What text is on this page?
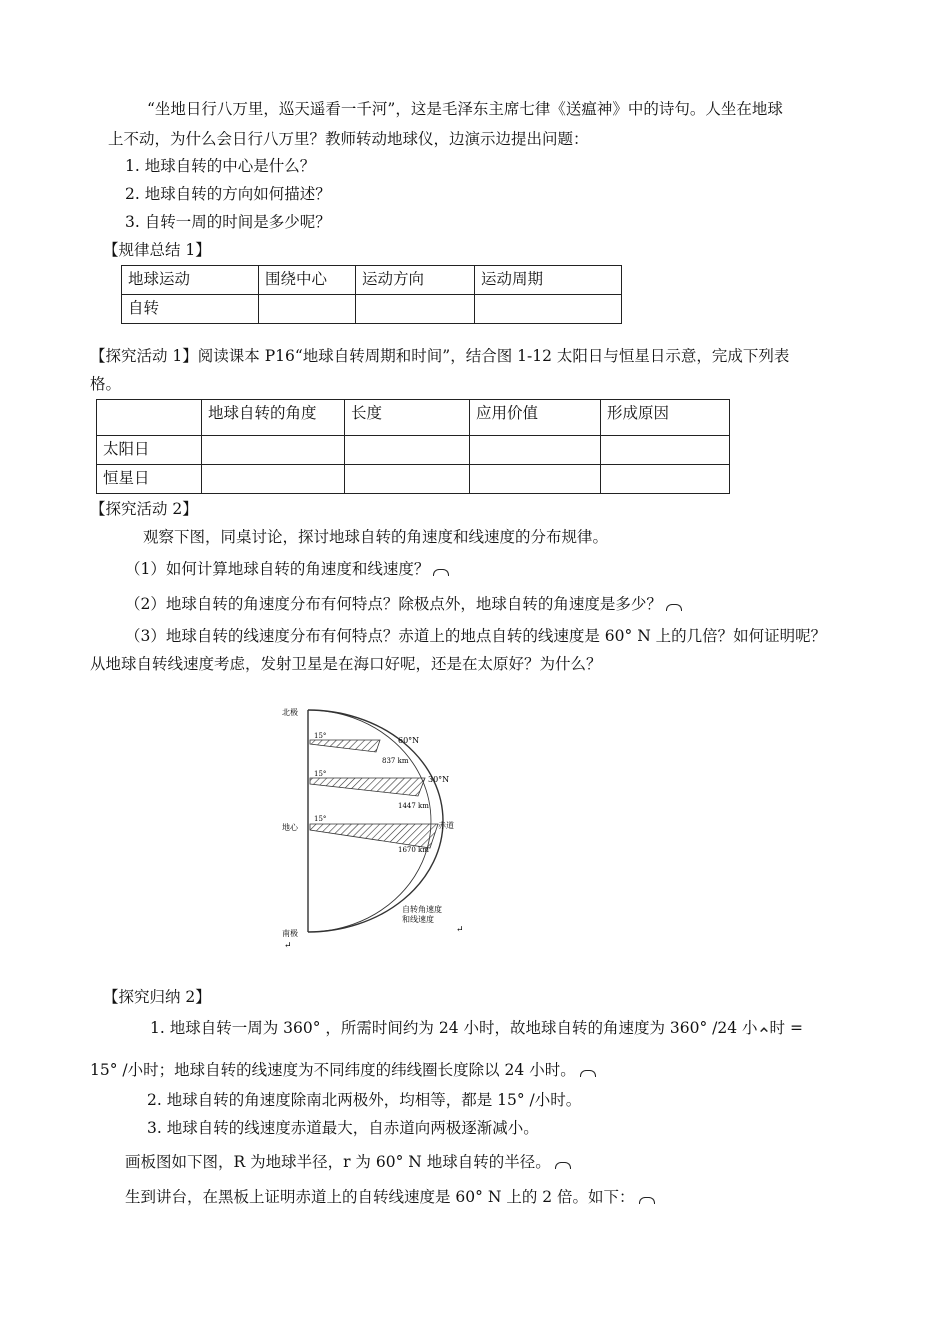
“坐地日行八万里，巡天遥看一千河”，这是毛泽东主席七律《送瘟神》中的诗句。人坐在地球
上不动，为什么会日行八万里？教师转动地球仪，边演示边提出问题：
1. 地球自转的中心是什么？
2. 地球自转的方向如何描述？
3. 自转一周的时间是多少呢？
【规律总结 1】
地球运动	围绕中心	运动方向	运动周期
自转			
【探究活动 1】阅读课本 P16“地球自转周期和时间”，结合图 1-12 太阳日与恒星日示意，完成下列表
格。
	地球自转的角度	长度	应用价值	形成原因
太阳日				
恒星日				
【探究活动 2】
观察下图，同桌讨论，探讨地球自转的角速度和线速度的分布规律。
（1）如何计算地球自转的角速度和线速度？
（2）地球自转的角速度分布有何特点？除极点外，地球自转的角速度是多少？
（3）地球自转的线速度分布有何特点？赤道上的地点自转的线速度是 60° N 上的几倍？如何证明呢？
从地球自转线速度考虑，发射卫星是在海口好呢，还是在太原好？为什么？
北极
地心
南极
15°
15°
15°
60°N
30°N
赤道
837 km
1447 km
1670 km
自转角速度
和线速度
↵
↵
【探究归纳 2】
1. 地球自转一周为 360° ，所需时间约为 24 小时，故地球自转的角速度为 360° /24 小 时 =
15° /小时；地球自转的线速度为不同纬度的纬线圈长度除以 24 小时。
2. 地球自转的角速度除南北两极外，均相等，都是 15° /小时。
3. 地球自转的线速度赤道最大，自赤道向两极逐渐减小。
画板图如下图，R 为地球半径，r 为 60° N 地球自转的半径。
生到讲台，在黑板上证明赤道上的自转线速度是 60° N 上的 2 倍。如下：
